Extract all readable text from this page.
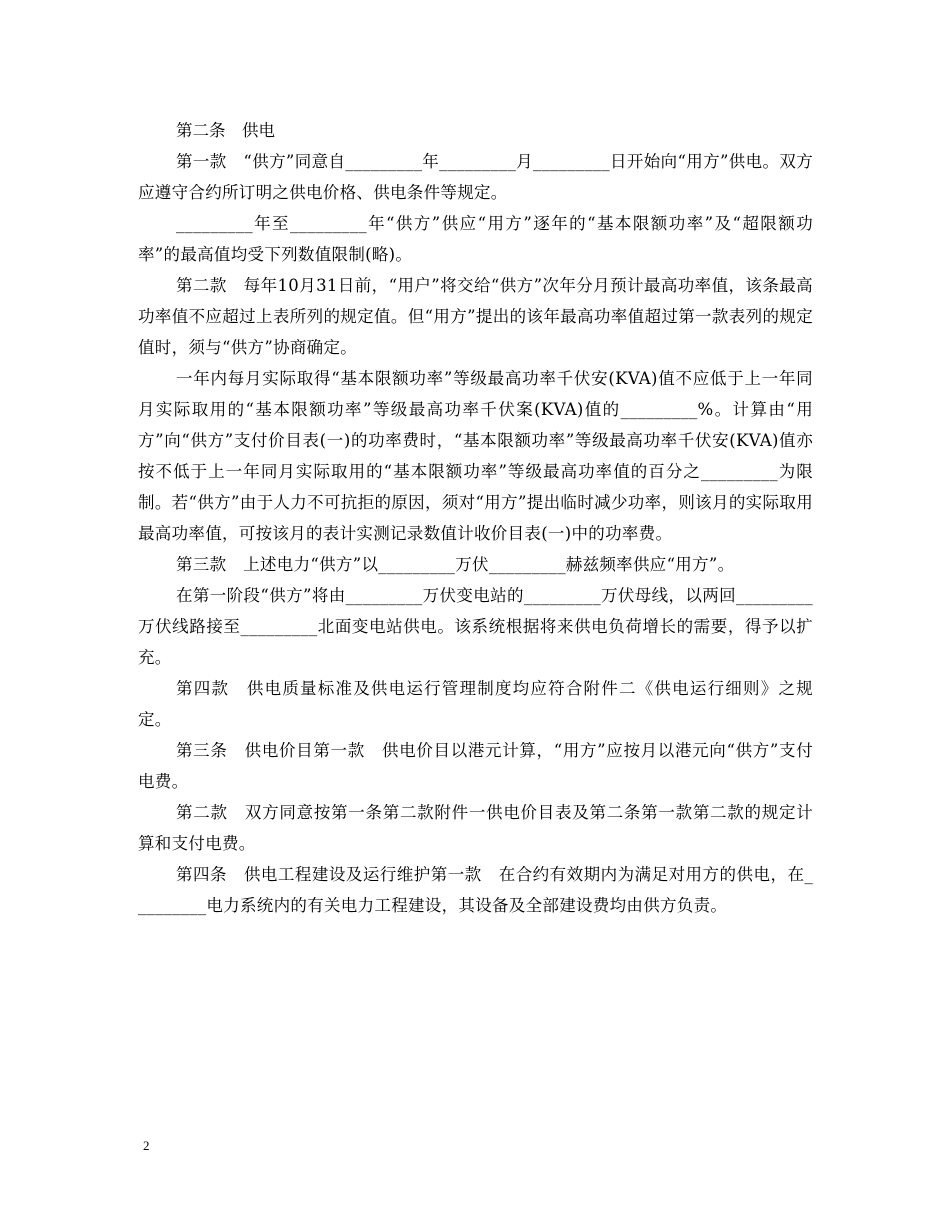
第二条　供电

第一款　“供方”同意自_________年_________月_________日开始向“用方”供电。双方应遵守合约所订明之供电价格、供电条件等规定。

_________年至_________年“供方”供应“用方”逐年的“基本限额功率”及“超限额功率”的最高值均受下列数值限制(略)。

第二款　每年10月31日前，“用户”将交给“供方”次年分月预计最高功率值，该条最高功率值不应超过上表所列的规定值。但“用方”提出的该年最高功率值超过第一款表列的规定值时，须与“供方”协商确定。

一年内每月实际取得“基本限额功率”等级最高功率千伏安(KVA)值不应低于上一年同月实际取用的“基本限额功率”等级最高功率千伏案(KVA)值的_________%。计算由“用方”向“供方”支付价目表(一)的功率费时，“基本限额功率”等级最高功率千伏安(KVA)值亦按不低于上一年同月实际取用的“基本限额功率”等级最高功率值的百分之_________为限制。若“供方”由于人力不可抗拒的原因，须对“用方”提出临时减少功率，则该月的实际取用最高功率值，可按该月的表计实测记录数值计收价目表(一)中的功率费。

第三款　上述电力“供方”以_________万伏_________赫兹频率供应“用方”。

在第一阶段“供方”将由_________万伏变电站的_________万伏母线，以两回_________万伏线路接至_________北面变电站供电。该系统根据将来供电负荷增长的需要，得予以扩充。

第四款　供电质量标准及供电运行管理制度均应符合附件二《供电运行细则》之规定。

第三条　供电价目第一款　供电价目以港元计算，“用方”应按月以港元向“供方”支付电费。

第二款　双方同意按第一条第二款附件一供电价目表及第二条第一款第二款的规定计算和支付电费。

第四条　供电工程建设及运行维护第一款　在合约有效期内为满足对用方的供电，在_________电力系统内的有关电力工程建设，其设备及全部建设费均由供方负责。

2
